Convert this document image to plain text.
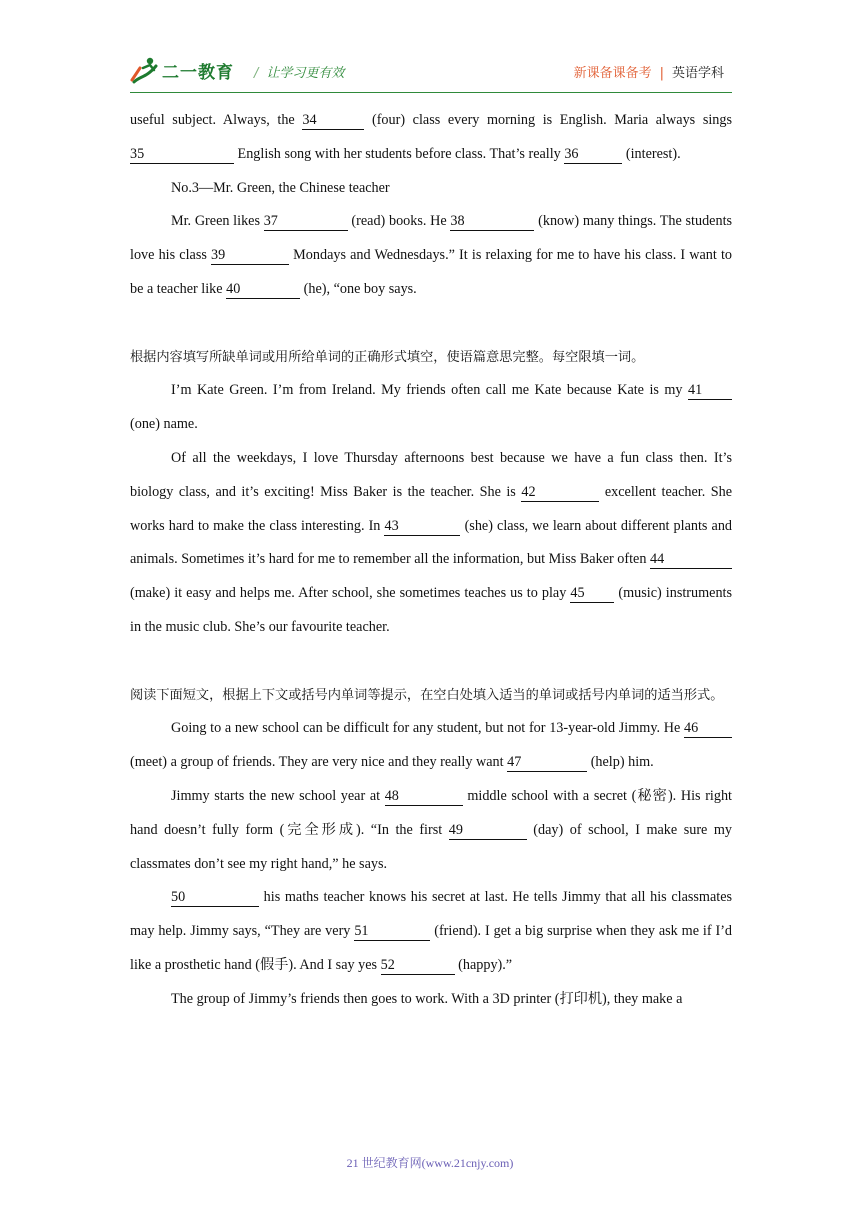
二一教育 / 让学习更有效	新课备课备考 | 英语学科

useful subject. Always, the 34	(four) class every morning is English. Maria always sings 35	English song with her students before class. That’s really 36	(interest).

No.3—Mr. Green, the Chinese teacher

Mr. Green likes 37	(read) books. He 38	(know) many things. The students love his class 39	Mondays and Wednesdays.” It is relaxing for me to have his class. I want to be a teacher like 40	(he), “one boy says.

根据内容填写所缺单词或用所给单词的正确形式填空，使语篇意思完整。每空限填一词。

I’m Kate Green. I’m from Ireland. My friends often call me Kate because Kate is my 41 (one) name.

Of all the weekdays, I love Thursday afternoons best because we have a fun class then. It’s biology class, and it’s exciting! Miss Baker is the teacher. She is 42	excellent teacher. She works hard to make the class interesting. In 43	(she) class, we learn about different plants and animals. Sometimes it’s hard for me to remember all the information, but Miss Baker often 44 (make) it easy and helps me. After school, she sometimes teaches us to play 45 (music) instruments in the music club. She’s our favourite teacher.

阅读下面短文，根据上下文或括号内单词等提示，在空白处填入适当的单词或括号内单词的适当形式。

Going to a new school can be difficult for any student, but not for 13-year-old Jimmy. He 46 (meet) a group of friends. They are very nice and they really want 47	(help) him.

Jimmy starts the new school year at 48	middle school with a secret (秘密). His right hand doesn’t fully form (完全形成). “In the first 49	(day) of school, I make sure my classmates don’t see my right hand,” he says.

50	his maths teacher knows his secret at last. He tells Jimmy that all his classmates may help. Jimmy says, “They are very 51	(friend). I get a big surprise when they ask me if I’d like a prosthetic hand (假手). And I say yes 52	(happy).”

The group of Jimmy’s friends then goes to work. With a 3D printer (打印机), they make a

21 世纪教育网(www.21cnjy.com)
